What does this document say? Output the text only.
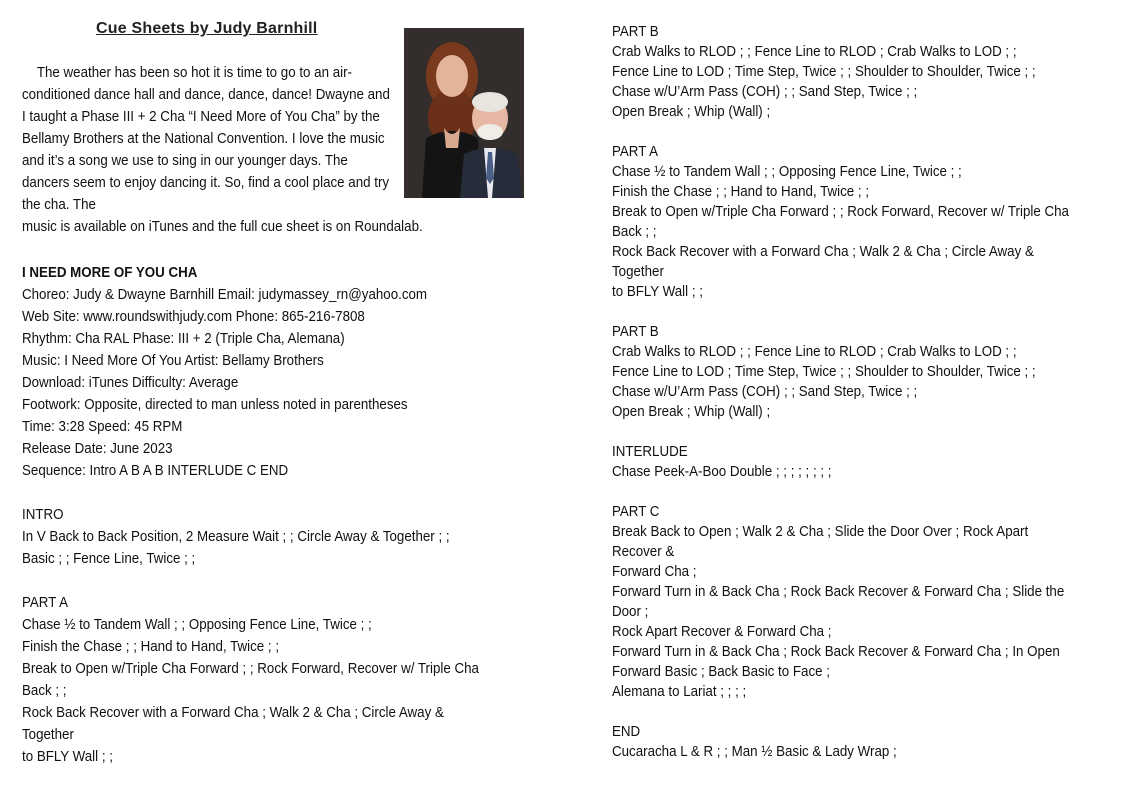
Cue Sheets by Judy Barnhill
The weather has been so hot it is time to go to an air-conditioned dance hall and dance, dance, dance! Dwayne and I taught a Phase III + 2 Cha “I Need More of You Cha” by the Bellamy Brothers at the National Convention. I love the music and it’s a song we use to sing in our younger days. The dancers seem to enjoy dancing it. So, find a cool place and try the cha. The
music is available on iTunes and the full cue sheet is on Roundalab.
I NEED MORE OF YOU CHA
Choreo: Judy & Dwayne Barnhill Email: judymassey_rn@yahoo.com
Web Site: www.roundswithjudy.com Phone: 865-216-7808
Rhythm: Cha RAL Phase: III + 2 (Triple Cha, Alemana)
Music: I Need More Of You Artist: Bellamy Brothers
Download: iTunes Difficulty: Average
Footwork: Opposite, directed to man unless noted in parentheses
Time: 3:28 Speed: 45 RPM
Release Date: June 2023
Sequence: Intro A B A B INTERLUDE C END
INTRO
In V Back to Back Position, 2 Measure Wait ; ; Circle Away & Together ; ;
Basic ; ; Fence Line, Twice ; ;
PART A
Chase ½ to Tandem Wall ; ; Opposing Fence Line, Twice ; ;
Finish the Chase ; ; Hand to Hand, Twice ; ;
Break to Open w/Triple Cha Forward ; ; Rock Forward, Recover w/ Triple Cha
Back ; ;
Rock Back Recover with a Forward Cha ; Walk 2 & Cha ; Circle Away &
Together
to BFLY Wall ; ;
PART B
Crab Walks to RLOD ; ; Fence Line to RLOD ; Crab Walks to LOD ; ;
Fence Line to LOD ; Time Step, Twice ; ; Shoulder to Shoulder, Twice ; ;
Chase w/U’Arm Pass (COH) ; ; Sand Step, Twice ; ;
Open Break ; Whip (Wall) ;
PART A
Chase ½ to Tandem Wall ; ; Opposing Fence Line, Twice ; ;
Finish the Chase ; ; Hand to Hand, Twice ; ;
Break to Open w/Triple Cha Forward ; ; Rock Forward, Recover w/ Triple Cha
Back ; ;
Rock Back Recover with a Forward Cha ; Walk 2 & Cha ; Circle Away &
Together
to BFLY Wall ; ;
PART B
Crab Walks to RLOD ; ; Fence Line to RLOD ; Crab Walks to LOD ; ;
Fence Line to LOD ; Time Step, Twice ; ; Shoulder to Shoulder, Twice ; ;
Chase w/U’Arm Pass (COH) ; ; Sand Step, Twice ; ;
Open Break ; Whip (Wall) ;
INTERLUDE
Chase Peek-A-Boo Double ; ; ; ; ; ; ; ;
PART C
Break Back to Open ; Walk 2 & Cha ; Slide the Door Over ; Rock Apart
Recover &
Forward Cha ;
Forward Turn in & Back Cha ; Rock Back Recover & Forward Cha ; Slide the
Door ;
Rock Apart Recover & Forward Cha ;
Forward Turn in & Back Cha ; Rock Back Recover & Forward Cha ; In Open
Forward Basic ; Back Basic to Face ;
Alemana to Lariat ; ; ; ;
END
Cucaracha L & R ; ; Man ½ Basic & Lady Wrap ;
